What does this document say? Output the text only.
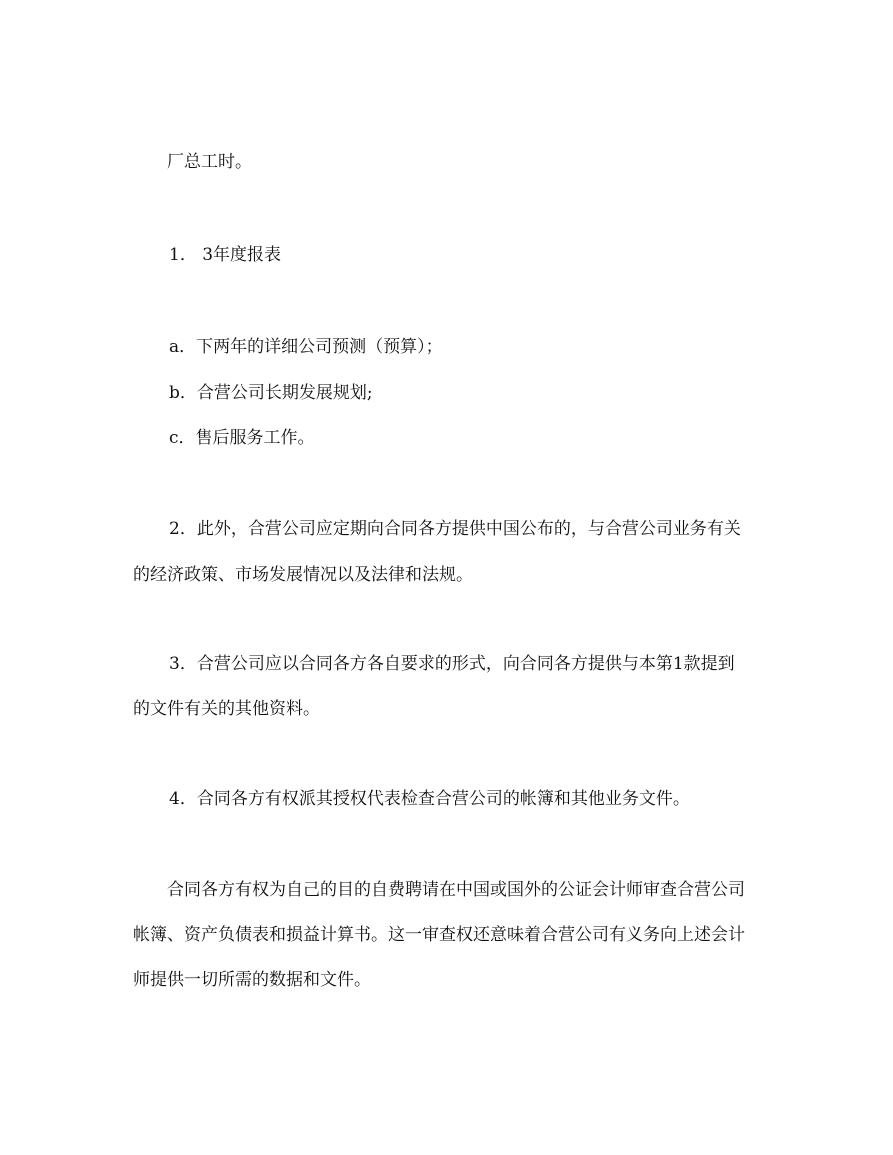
厂总工时。
1． 3年度报表
a．下两年的详细公司预测（预算）；
b．合营公司长期发展规划;
c．售后服务工作。
2．此外，合营公司应定期向合同各方提供中国公布的，与合营公司业务有关
的经济政策、市场发展情况以及法律和法规。
3．合营公司应以合同各方各自要求的形式，向合同各方提供与本第1款提到
的文件有关的其他资料。
4．合同各方有权派其授权代表检查合营公司的帐簿和其他业务文件。
合同各方有权为自己的目的自费聘请在中国或国外的公证会计师审查合营公司
帐簿、资产负债表和损益计算书。这一审查权还意味着合营公司有义务向上述会计
师提供一切所需的数据和文件。
